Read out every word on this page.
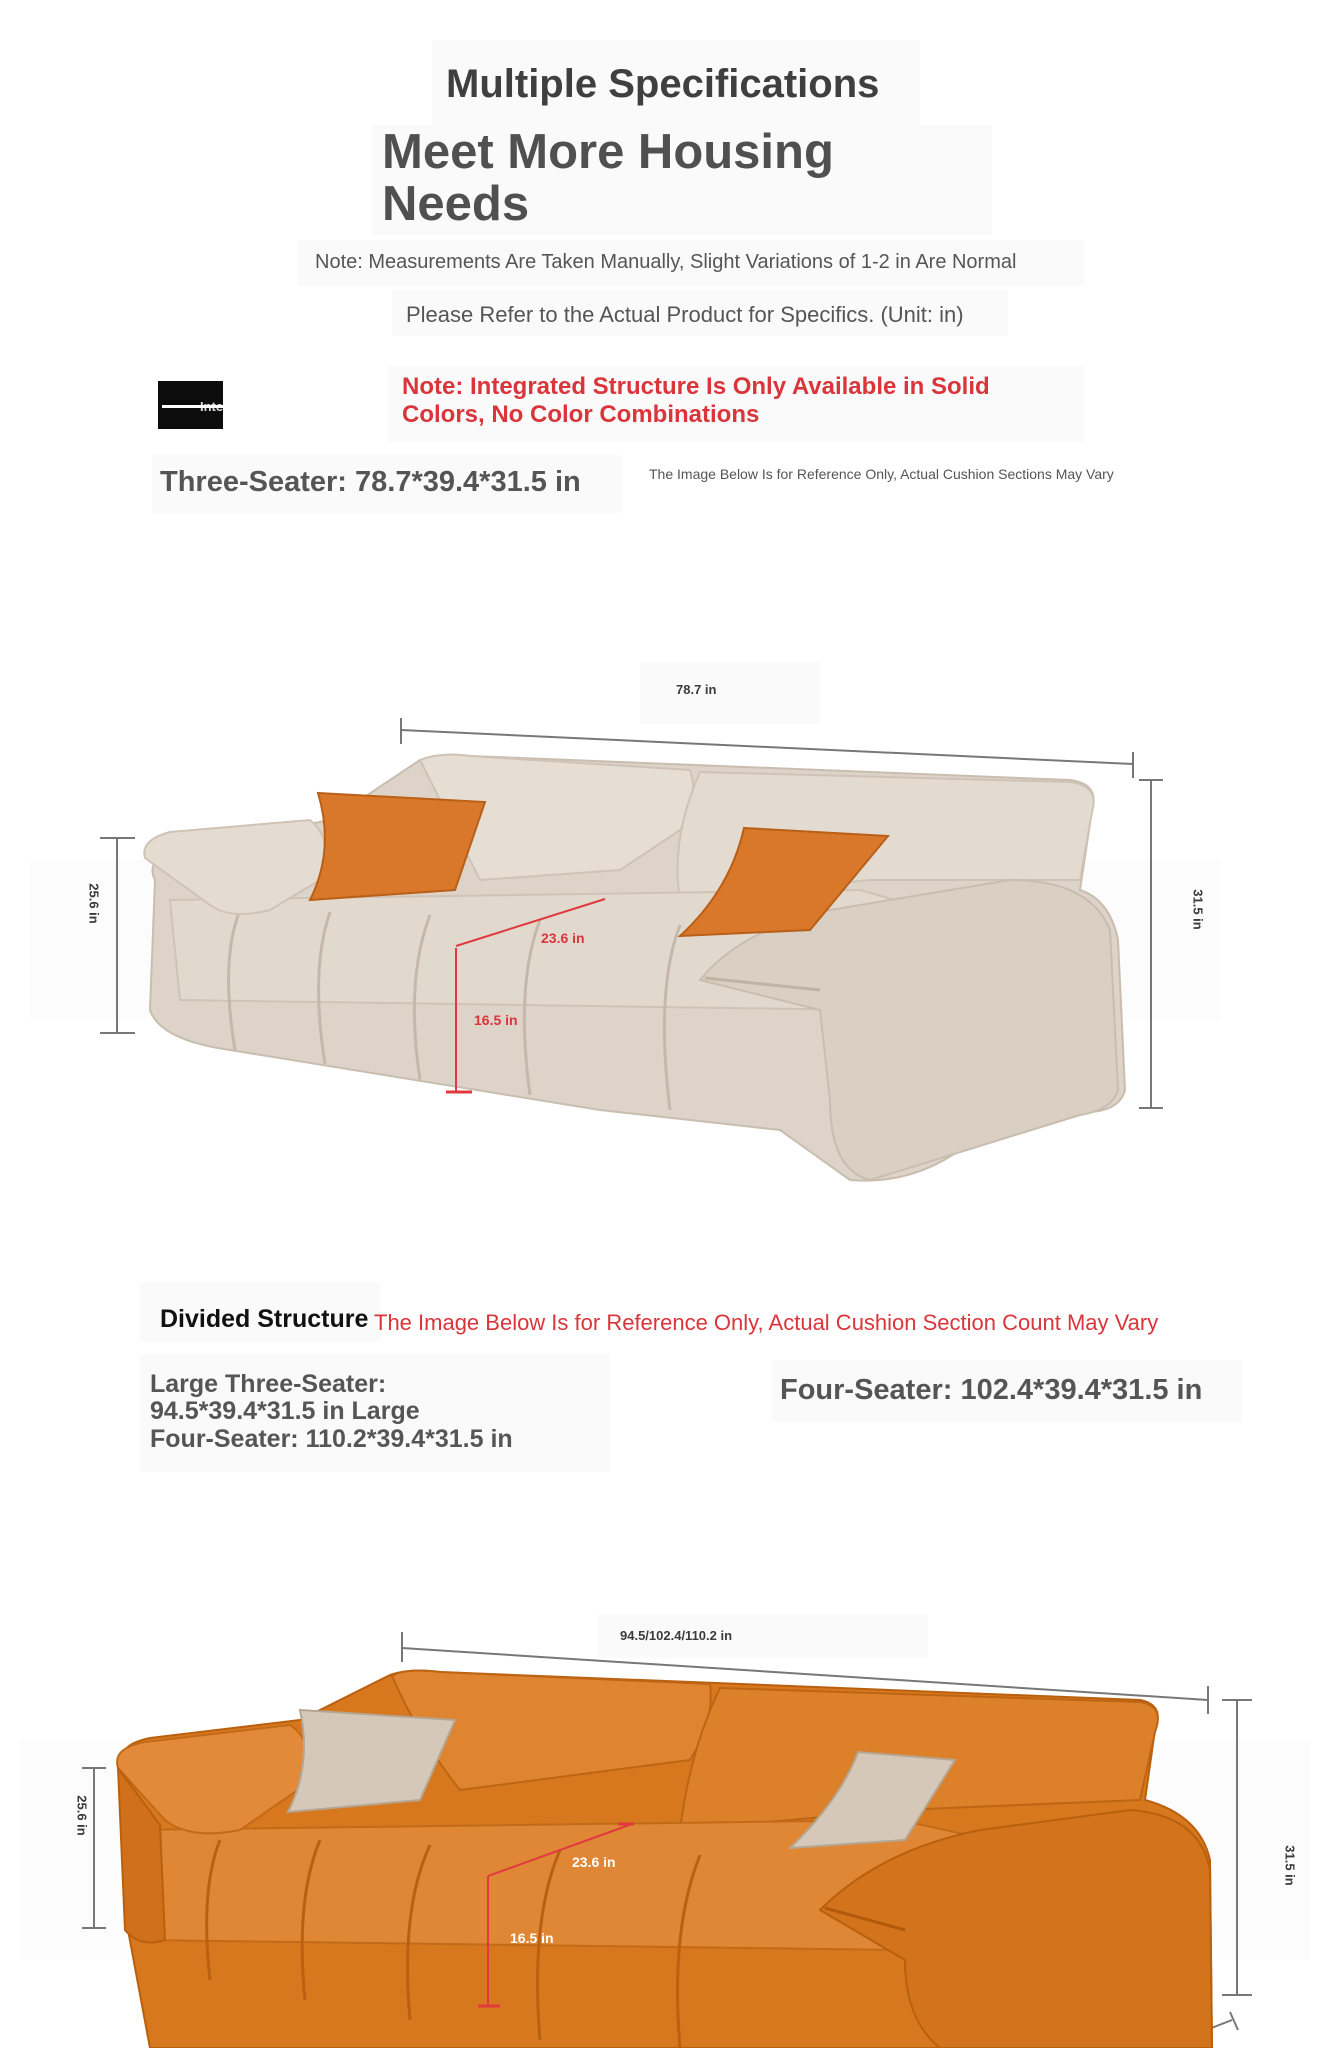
Multiple Specifications
Meet More Housing
Needs
Note: Measurements Are Taken Manually, Slight Variations of 1-2 in Are Normal
Please Refer to the Actual Product for Specifics. (Unit: in)
Integrated Structure
Note: Integrated Structure Is Only Available in Solid
Colors, No Color Combinations
Three-Seater: 78.7*39.4*31.5 in	The Image Below Is for Reference Only, Actual Cushion Sections May Vary
78.7 in
25.6 in	31.5 in
23.6 in
16.5 in
Divided Structure The Image Below Is for Reference Only, Actual Cushion Section Count May Vary
Large Three-Seater:
94.5*39.4*31.5 in Large
Four-Seater: 110.2*39.4*31.5 in
Four-Seater: 102.4*39.4*31.5 in
94.5/102.4/110.2 in
25.6 in
31.5 in
23.6 in
16.5 in
